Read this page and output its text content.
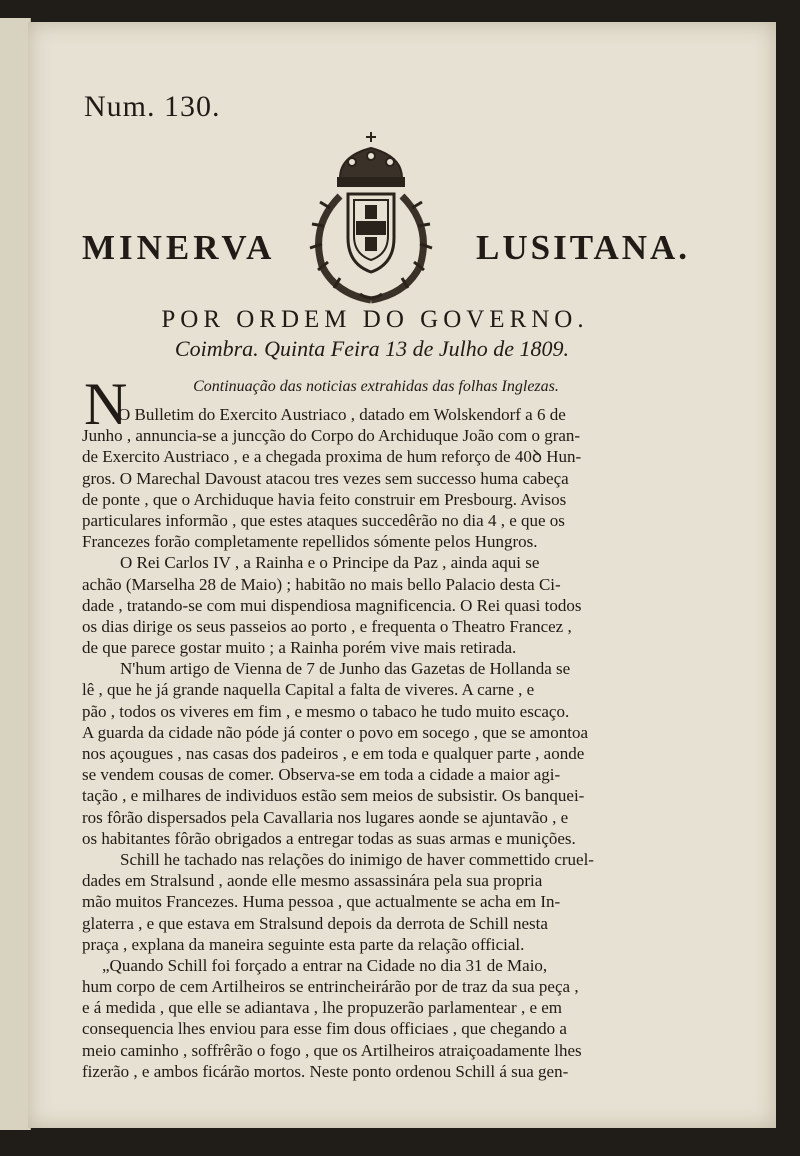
Num. 130.
MINERVA	LUSITANA.
POR ORDEM DO GOVERNO.
Coimbra. Quinta Feira 13 de Julho de 1809.
Continuação das noticias extrahidas das folhas Inglezas.
N
O Bulletim do Exercito Austriaco , datado em Wolskendorf a 6 de
Junho , annuncia-se a juncção do Corpo do Archiduque João com o gran-
de Exercito Austriaco , e a chegada proxima de hum reforço de 40ꝺ Hun-
gros. O Marechal Davoust atacou tres vezes sem successo huma cabeça
de ponte , que o Archiduque havia feito construir em Presbourg. Avisos
particulares informão , que estes ataques succedêrão no dia 4 , e que os
Francezes forão completamente repellidos sómente pelos Hungros.
O Rei Carlos IV , a Rainha e o Principe da Paz , ainda aqui se
achão (Marselha 28 de Maio) ; habitão no mais bello Palacio desta Ci-
dade , tratando-se com mui dispendiosa magnificencia. O Rei quasi todos
os dias dirige os seus passeios ao porto , e frequenta o Theatro Francez ,
de que parece gostar muito ; a Rainha porém vive mais retirada.
N'hum artigo de Vienna de 7 de Junho das Gazetas de Hollanda se
lê , que he já grande naquella Capital a falta de viveres. A carne , e
pão , todos os viveres em fim , e mesmo o tabaco he tudo muito escaço.
A guarda da cidade não póde já conter o povo em socego , que se amontoa
nos açougues , nas casas dos padeiros , e em toda e qualquer parte , aonde
se vendem cousas de comer. Observa-se em toda a cidade a maior agi-
tação , e milhares de individuos estão sem meios de subsistir. Os banquei-
ros fôrão dispersados pela Cavallaria nos lugares aonde se ajuntavão , e
os habitantes fôrão obrigados a entregar todas as suas armas e munições.
Schill he tachado nas relações do inimigo de haver commettido cruel-
dades em Stralsund , aonde elle mesmo assassinára pela sua propria
mão muitos Francezes. Huma pessoa , que actualmente se acha em In-
glaterra , e que estava em Stralsund depois da derrota de Schill nesta
praça , explana da maneira seguinte esta parte da relação official.
„Quando Schill foi forçado a entrar na Cidade no dia 31 de Maio,
hum corpo de cem Artilheiros se entrincheirárão por de traz da sua peça ,
e á medida , que elle se adiantava , lhe propuzerão parlamentear , e em
consequencia lhes enviou para esse fim dous officiaes , que chegando a
meio caminho , soffrêrão o fogo , que os Artilheiros atraiçoadamente lhes
fizerão , e ambos ficárão mortos. Neste ponto ordenou Schill á sua gen-
